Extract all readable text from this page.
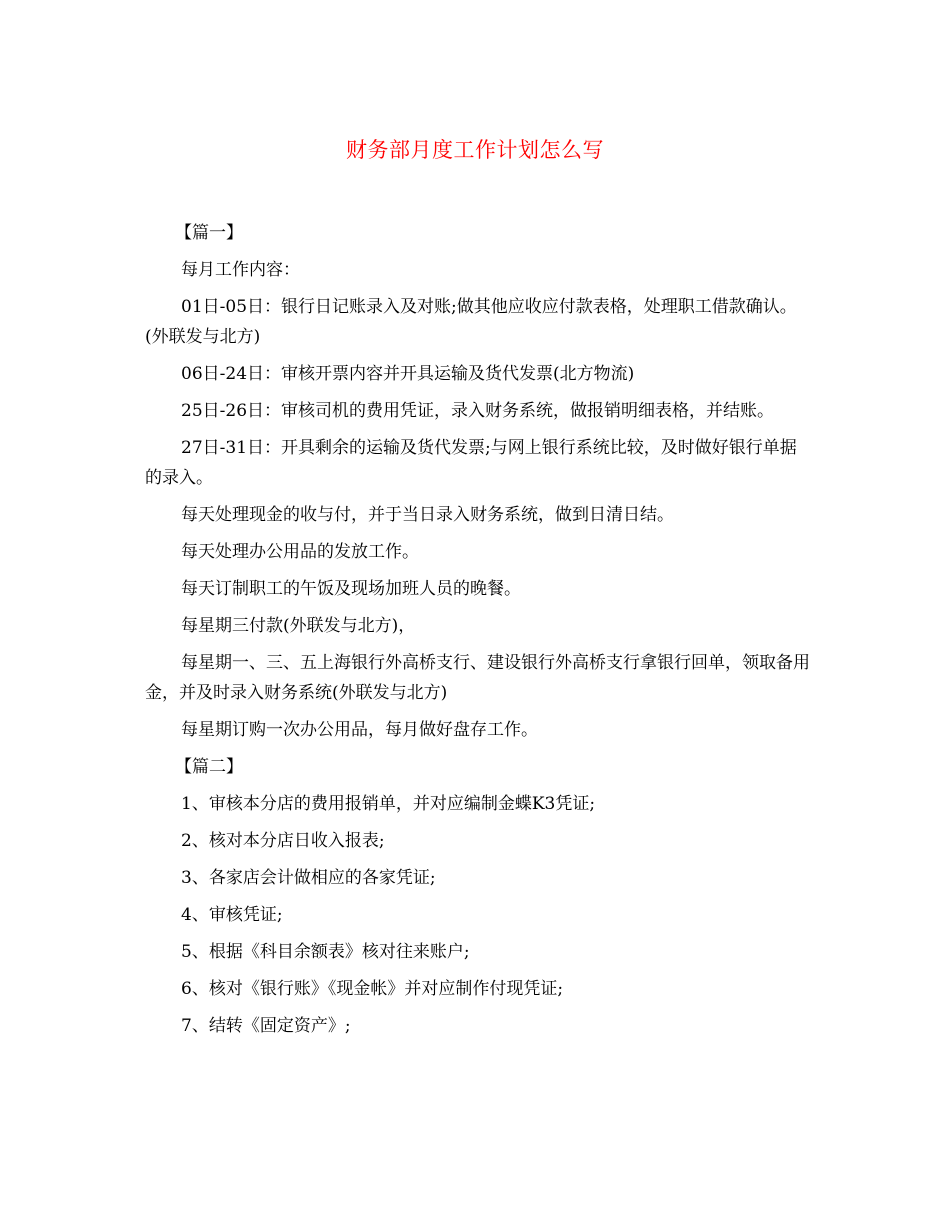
财务部月度工作计划怎么写
【篇一】

每月工作内容：

01日-05日：银行日记账录入及对账;做其他应收应付款表格，处理职工借款确认。(外联发与北方)

06日-24日：审核开票内容并开具运输及货代发票(北方物流)

25日-26日：审核司机的费用凭证，录入财务系统，做报销明细表格，并结账。

27日-31日：开具剩余的运输及货代发票;与网上银行系统比较，及时做好银行单据的录入。

每天处理现金的收与付，并于当日录入财务系统，做到日清日结。

每天处理办公用品的发放工作。

每天订制职工的午饭及现场加班人员的晚餐。

每星期三付款(外联发与北方)，

每星期一、三、五上海银行外高桥支行、建设银行外高桥支行拿银行回单，领取备用金，并及时录入财务系统(外联发与北方)

每星期订购一次办公用品，每月做好盘存工作。

【篇二】

1、审核本分店的费用报销单，并对应编制金蝶K3凭证;

2、核对本分店日收入报表;

3、各家店会计做相应的各家凭证;

4、审核凭证;

5、根据《科目余额表》核对往来账户;

6、核对《银行账》《现金帐》并对应制作付现凭证;

7、结转《固定资产》;
